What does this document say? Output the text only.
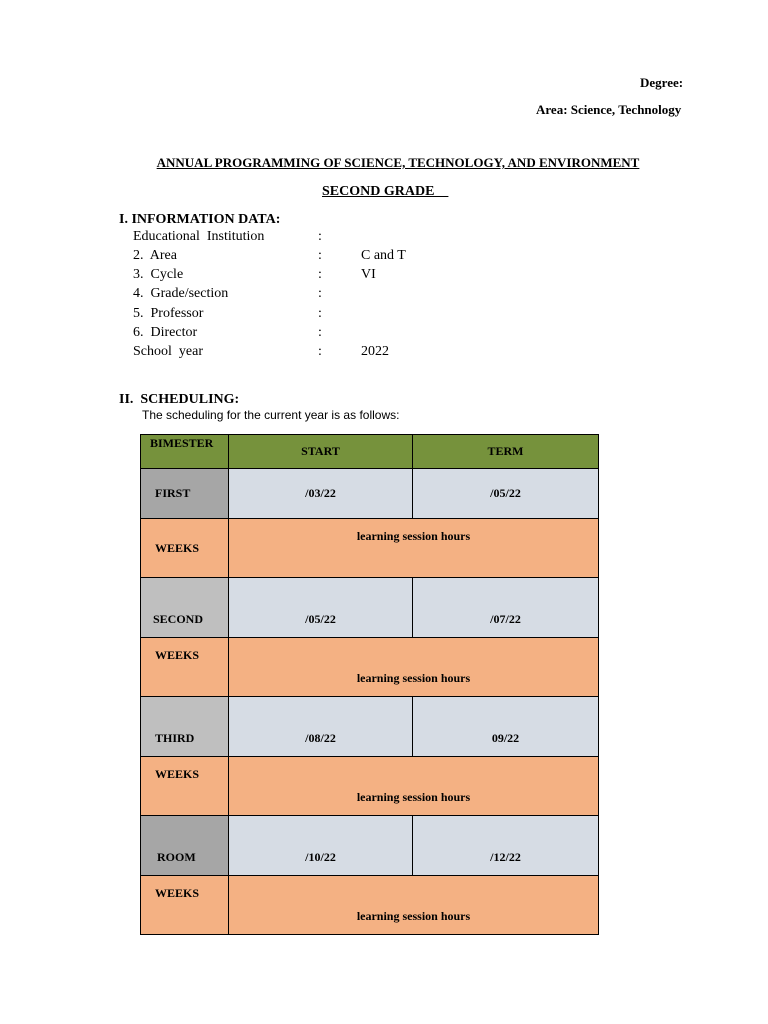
Degree:
Area: Science, Technology
ANNUAL PROGRAMMING OF SCIENCE, TECHNOLOGY, AND ENVIRONMENT
SECOND GRADE
I. INFORMATION DATA:
Educational  Institution	:
2.  Area	:	C and T
3.  Cycle	:	VI
4.  Grade/section	:
5.  Professor	:
6.  Director	:
School  year	:	2022
II.  SCHEDULING:
The scheduling for the current year is as follows:
BIMESTER	START	TERM
FIRST	/03/22	/05/22
WEEKS	learning session hours	
SECOND	/05/22	/07/22
WEEKS	learning session hours	
THIRD	/08/22	09/22
WEEKS	learning session hours	
ROOM	/10/22	/12/22
WEEKS	learning session hours	
